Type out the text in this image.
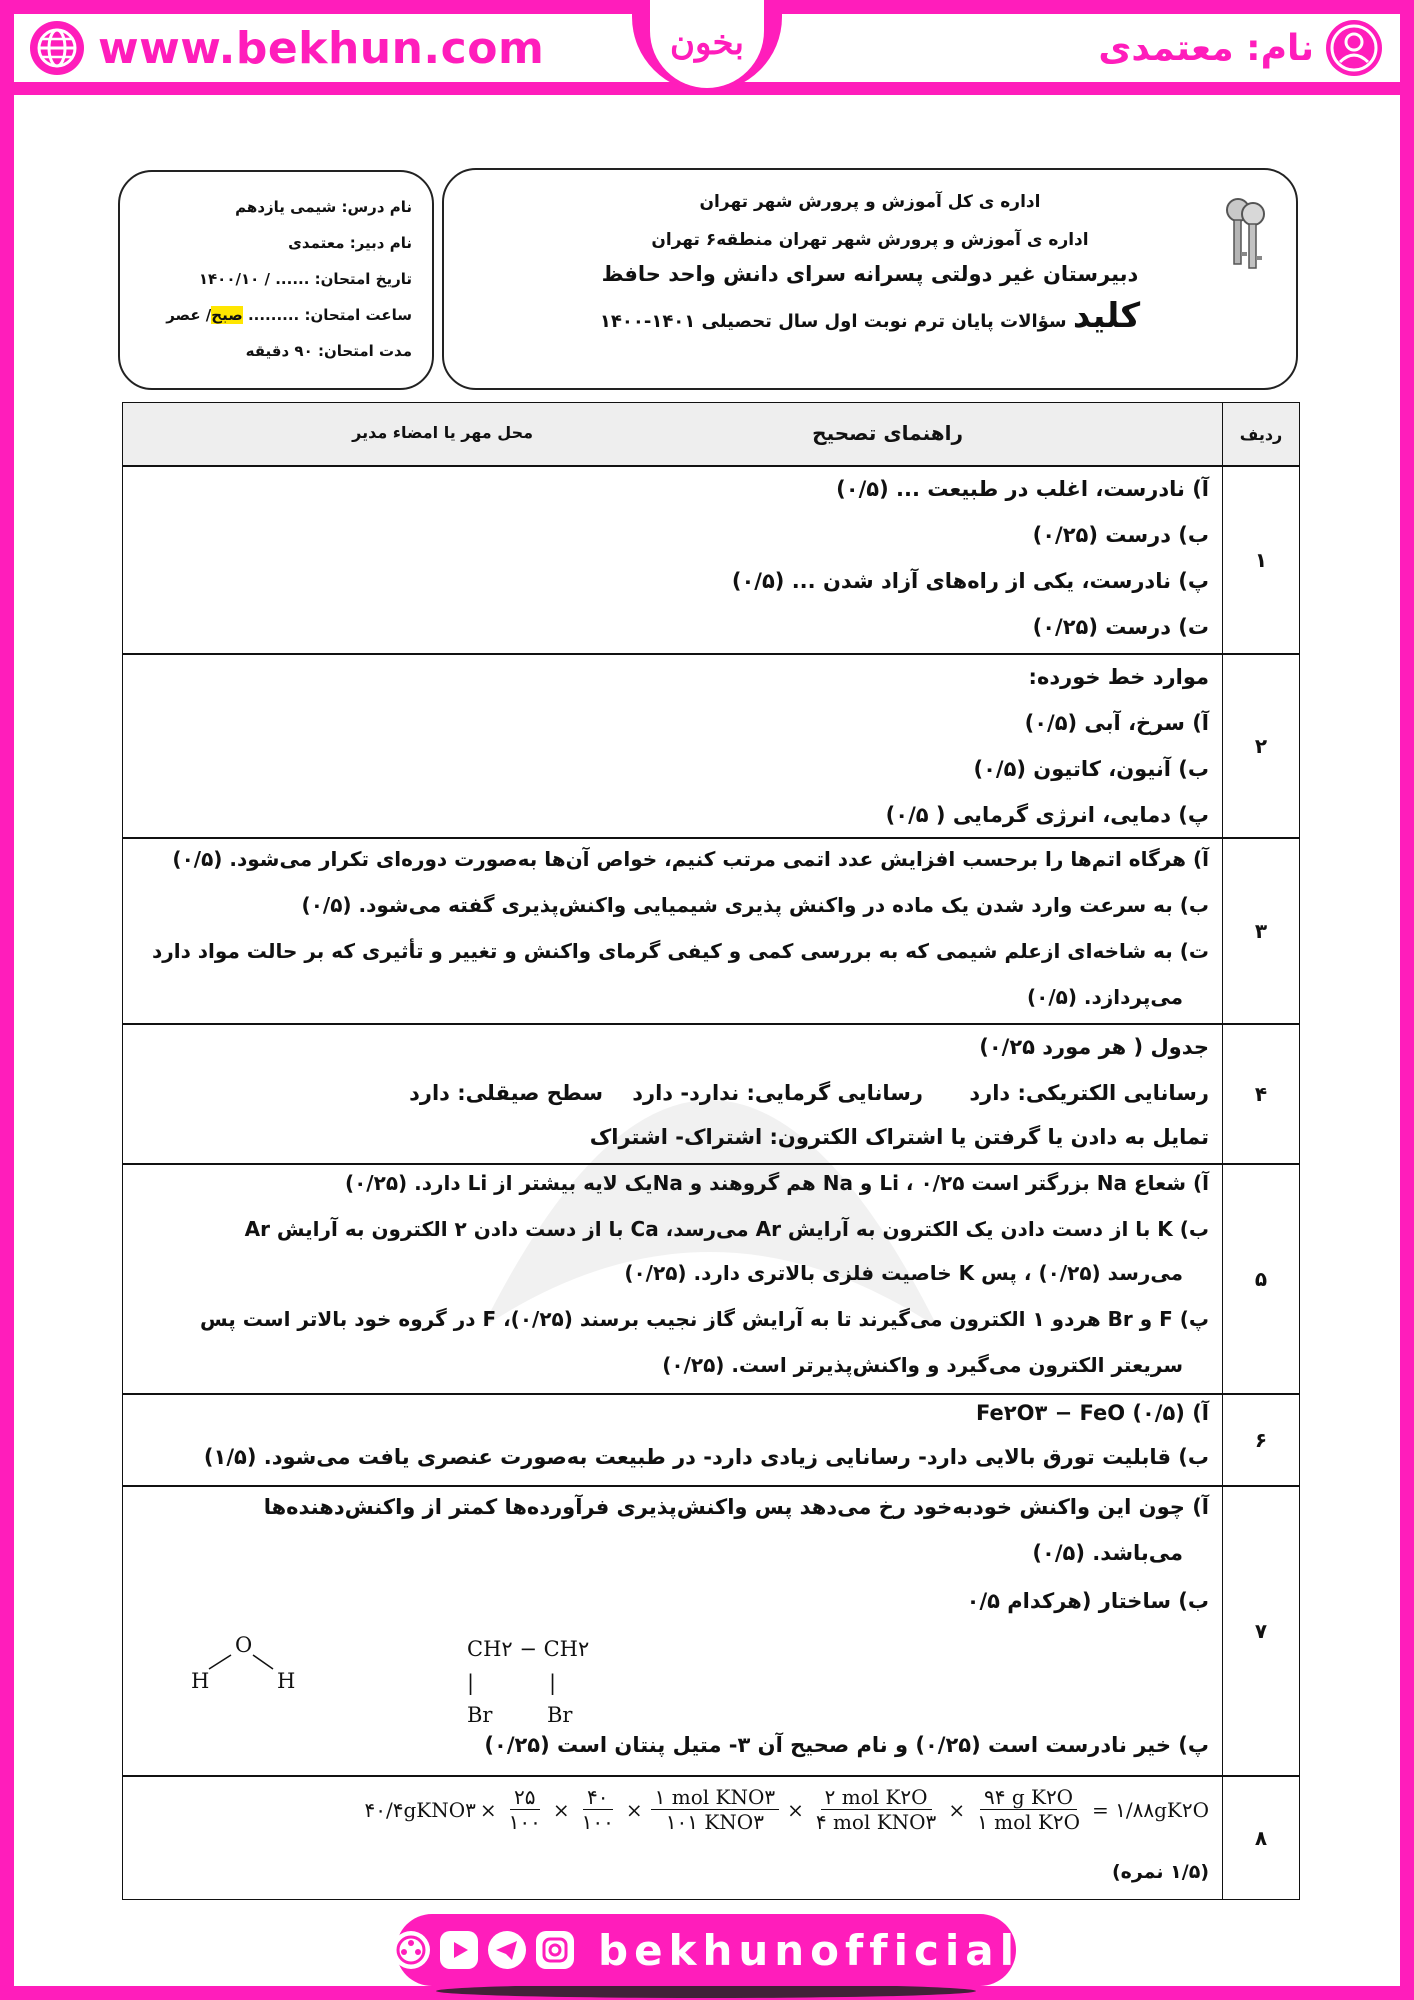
www.bekhun.com	نام: معتمدی
بخون
اداره ی کل آموزش و پرورش شهر تهران
اداره ی آموزش و پرورش شهر تهران منطقه۶ تهران
دبیرستان غیر دولتی پسرانه سرای دانش واحد حافظ
کلید سؤالات پایان ترم نوبت اول سال تحصیلی ۱۴۰۱-۱۴۰۰
نام درس: شیمی یازدهم
نام دبیر: معتمدی
تاریخ امتحان: ...... / ۱۴۰۰/۱۰
ساعت امتحان: ......... صبح/ عصر
مدت امتحان: ۹۰ دقیقه
ردیف
راهنمای تصحیح
محل مهر یا امضاء مدیر
۱
آ) نادرست، اغلب در طبیعت ... (۰/۵)
ب) درست (۰/۲۵)
پ) نادرست، یکی از راه‌های آزاد شدن ... (۰/۵)
ت) درست (۰/۲۵)
۲
موارد خط خورده:
آ) سرخ، آبی (۰/۵)
ب) آنیون، کاتیون (۰/۵)
پ) دمایی، انرژی گرمایی ( ۰/۵)
۳
آ) هرگاه اتم‌ها را برحسب افزایش عدد اتمی مرتب کنیم، خواص آن‌ها به‌صورت دوره‌ای تکرار می‌شود. (۰/۵)
ب) به سرعت وارد شدن یک ماده در واکنش پذیری شیمیایی واکنش‌پذیری گفته می‌شود. (۰/۵)
ت) به شاخه‌ای ازعلم شیمی که به بررسی کمی و کیفی گرمای واکنش و تغییر و تأثیری که بر حالت مواد دارد
می‌پردازد. (۰/۵)
۴
جدول ( هر مورد ۰/۲۵)
رسانایی الکتریکی: دارد
رسانایی گرمایی: ندارد- دارد
سطح صیقلی: دارد
تمایل به دادن یا گرفتن یا اشتراک الکترون: اشتراک- اشتراک
۵
آ) شعاع Na بزرگتر است ۰/۲۵ ، Li و Na هم گروهند و Naیک لایه بیشتر از Li دارد. (۰/۲۵)
ب) K با از دست دادن یک الکترون به آرایش Ar می‌رسد، Ca با از دست دادن ۲ الکترون به آرایش Ar
می‌رسد (۰/۲۵) ، پس K خاصیت فلزی بالاتری دارد. (۰/۲۵)
پ) F و Br هردو ۱ الکترون می‌گیرند تا به آرایش گاز نجیب برسند (۰/۲۵)، F در گروه خود بالاتر است پس
سریعتر الکترون می‌گیرد و واکنش‌پذیرتر است. (۰/۲۵)
۶
آ) Fe۲O۳ − FeO (۰/۵)
ب) قابلیت تورق بالایی دارد- رسانایی زیادی دارد- در طبیعت به‌صورت عنصری یافت می‌شود. (۱/۵)
۷
آ) چون این واکنش خودبه‌خود رخ می‌دهد پس واکنش‌پذیری فرآورده‌ها کمتر از واکنش‌دهنده‌ها
می‌باشد. (۰/۵)
ب) ساختار (هرکدام ۰/۵
CH۲ − CH۲
|	|
Br	Br
O
H	H
پ) خیر نادرست است (۰/۲۵) و نام صحیح آن ۳- متیل پنتان است (۰/۲۵)
۸
۴۰/۴gKNO۳ × $\frac{۲۵}{۱۰۰} \times \frac{۴۰}{۱۰۰} \times \frac{\text{۱ mol KNO۳}}{\text{۱۰۱ KNO۳}} \times \frac{\text{۲ mol K۲O}}{\text{۴ mol KNO۳}} \times \frac{\text{۹۴ g K۲O}}{\text{۱ mol K۲O}}$ = ۱/۸۸gK۲O
(۱/۵ نمره)
bekhunofficial
